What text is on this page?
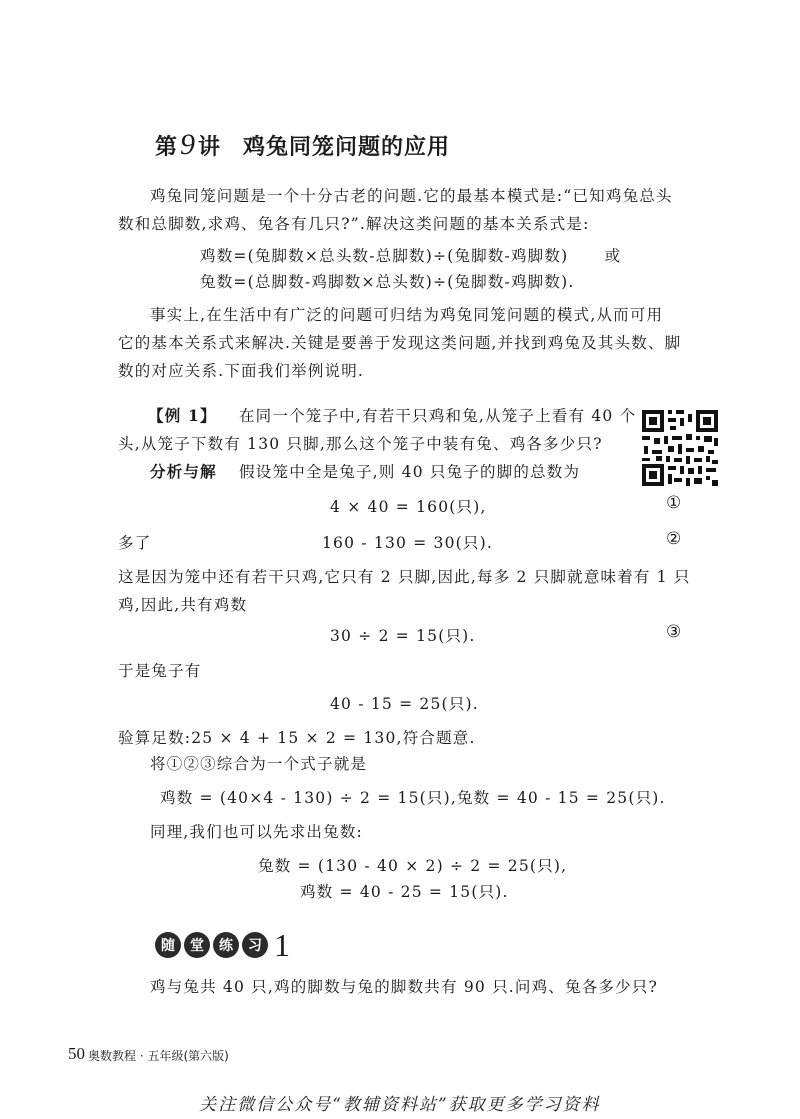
第9讲 鸡兔同笼问题的应用
鸡兔同笼问题是一个十分古老的问题.它的最基本模式是:“已知鸡兔总头
数和总脚数,求鸡、兔各有几只?”.解决这类问题的基本关系式是:
鸡数=(兔脚数×总头数-总脚数)÷(兔脚数-鸡脚数) 或
兔数=(总脚数-鸡脚数×总头数)÷(兔脚数-鸡脚数).
事实上,在生活中有广泛的问题可归结为鸡兔同笼问题的模式,从而可用
它的基本关系式来解决.关键是要善于发现这类问题,并找到鸡兔及其头数、脚
数的对应关系.下面我们举例说明.
【例 1】 在同一个笼子中,有若干只鸡和兔,从笼子上看有 40 个
头,从笼子下数有 130 只脚,那么这个笼子中装有兔、鸡各多少只?
分析与解 假设笼中全是兔子,则 40 只兔子的脚的总数为
4 × 40 = 160(只),	①
多了	160 - 130 = 30(只).	②
这是因为笼中还有若干只鸡,它只有 2 只脚,因此,每多 2 只脚就意味着有 1 只
鸡,因此,共有鸡数
30 ÷ 2 = 15(只).	③
于是兔子有
40 - 15 = 25(只).
验算足数:25 × 4 + 15 × 2 = 130,符合题意.
将①②③综合为一个式子就是
鸡数 = (40×4 - 130) ÷ 2 = 15(只),兔数 = 40 - 15 = 25(只).
同理,我们也可以先求出兔数:
兔数 = (130 - 40 × 2) ÷ 2 = 25(只),
鸡数 = 40 - 25 = 15(只).
随	堂	练	习 1
鸡与兔共 40 只,鸡的脚数与兔的脚数共有 90 只.问鸡、兔各多少只?
50 奥数教程 · 五年级(第六版)
关注微信公众号“教辅资料站”获取更多学习资料
